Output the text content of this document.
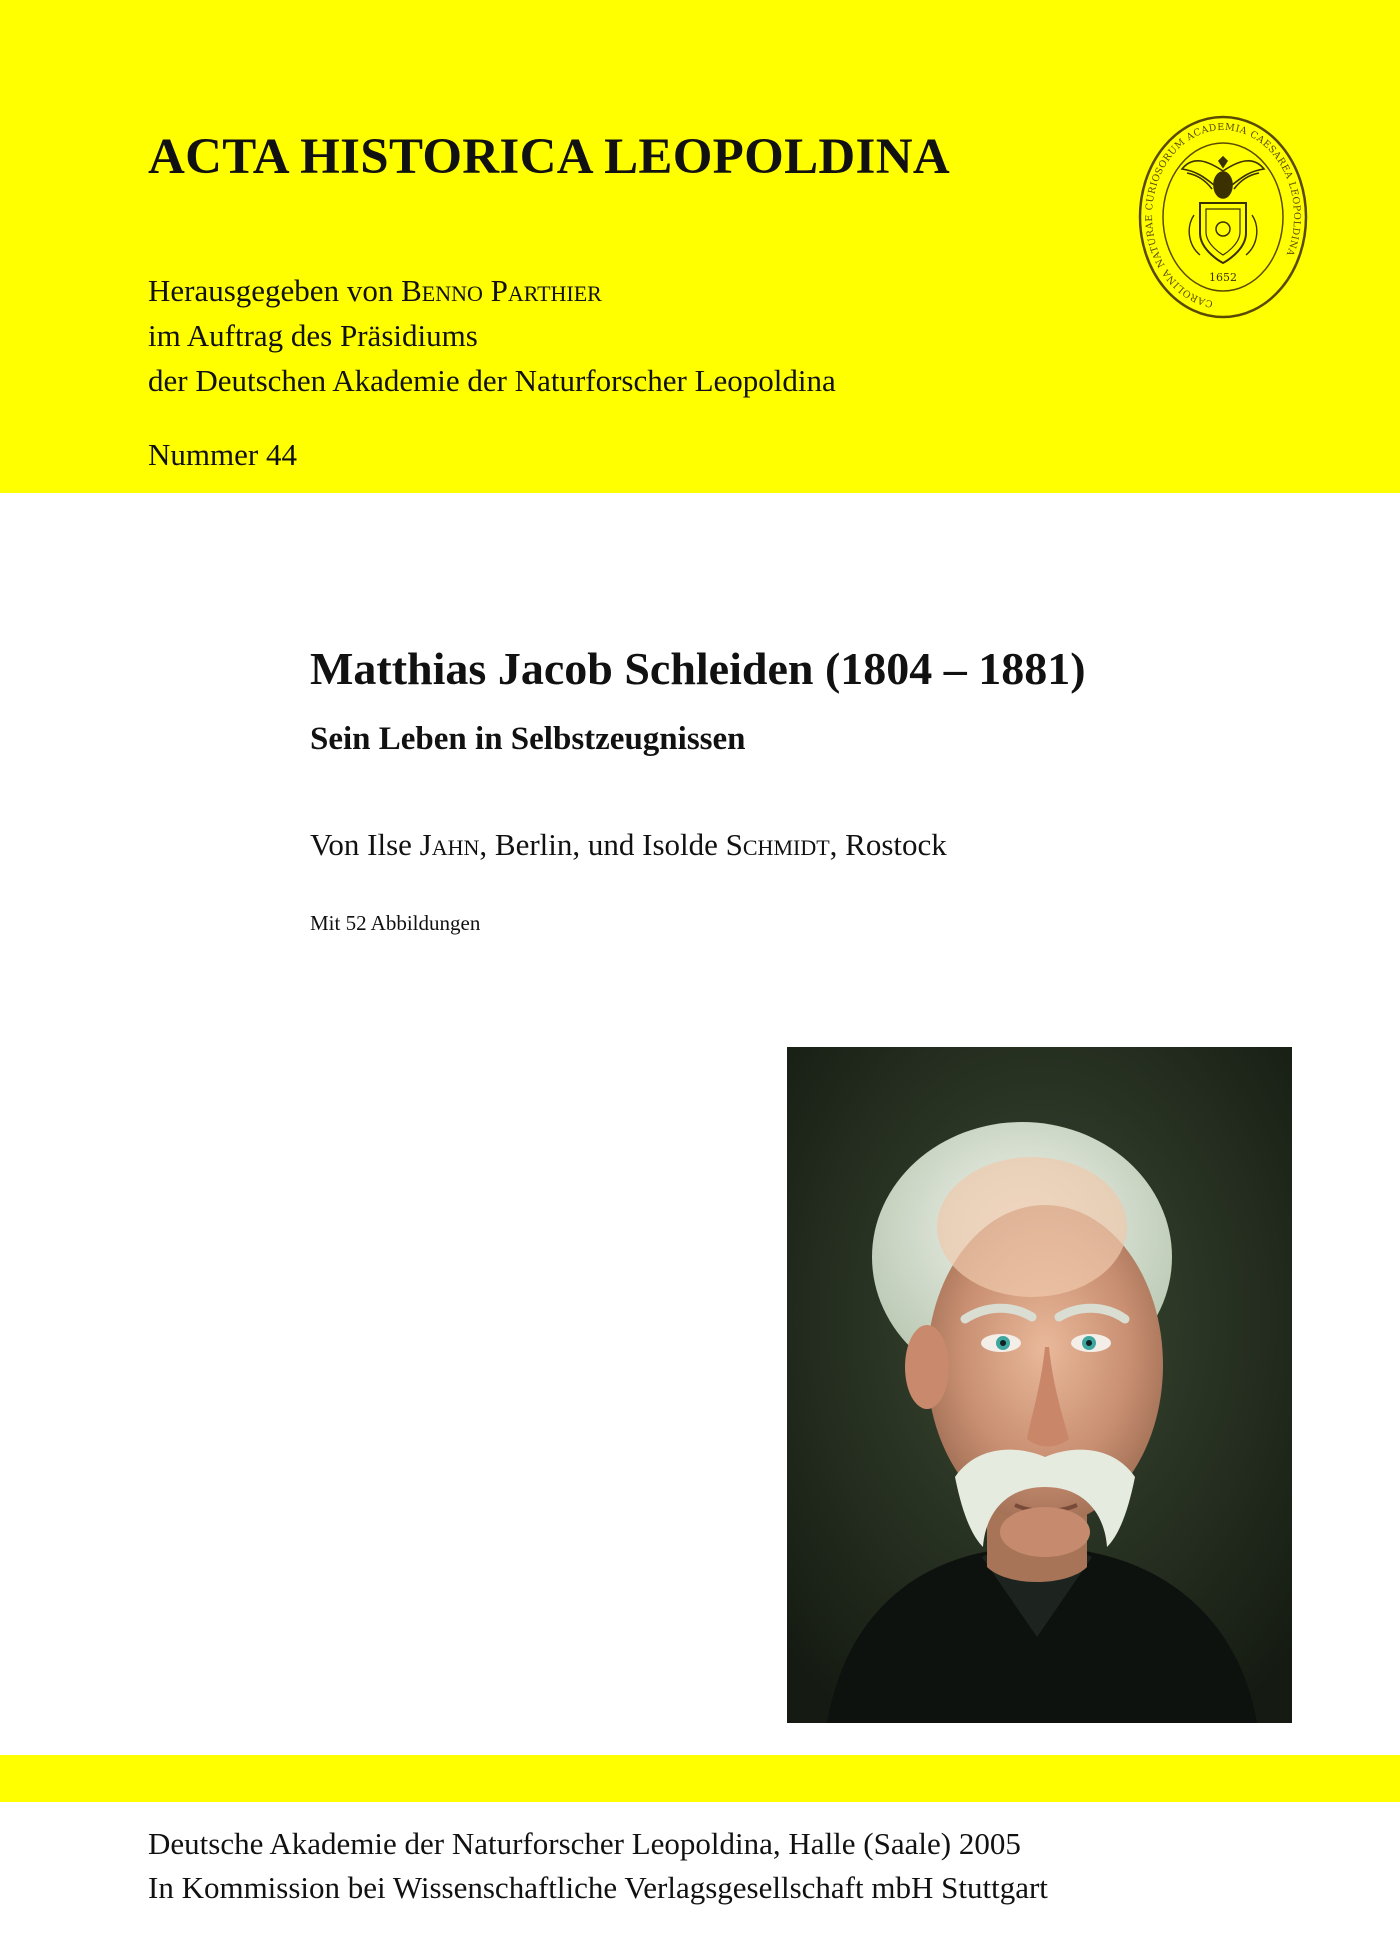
ACTA HISTORICA LEOPOLDINA
Herausgegeben von Benno Parthier
im Auftrag des Präsidiums
der Deutschen Akademie der Naturforscher Leopoldina
Nummer 44
CAROLINA NATURAE CURIOSORUM ACADEMIA CAESAREA LEOPOLDINA
1652
Matthias Jacob Schleiden (1804 – 1881)
Sein Leben in Selbstzeugnissen
Von Ilse Jahn, Berlin, und Isolde Schmidt, Rostock
Mit 52 Abbildungen
Deutsche Akademie der Naturforscher Leopoldina, Halle (Saale) 2005
In Kommission bei Wissenschaftliche Verlagsgesellschaft mbH Stuttgart
